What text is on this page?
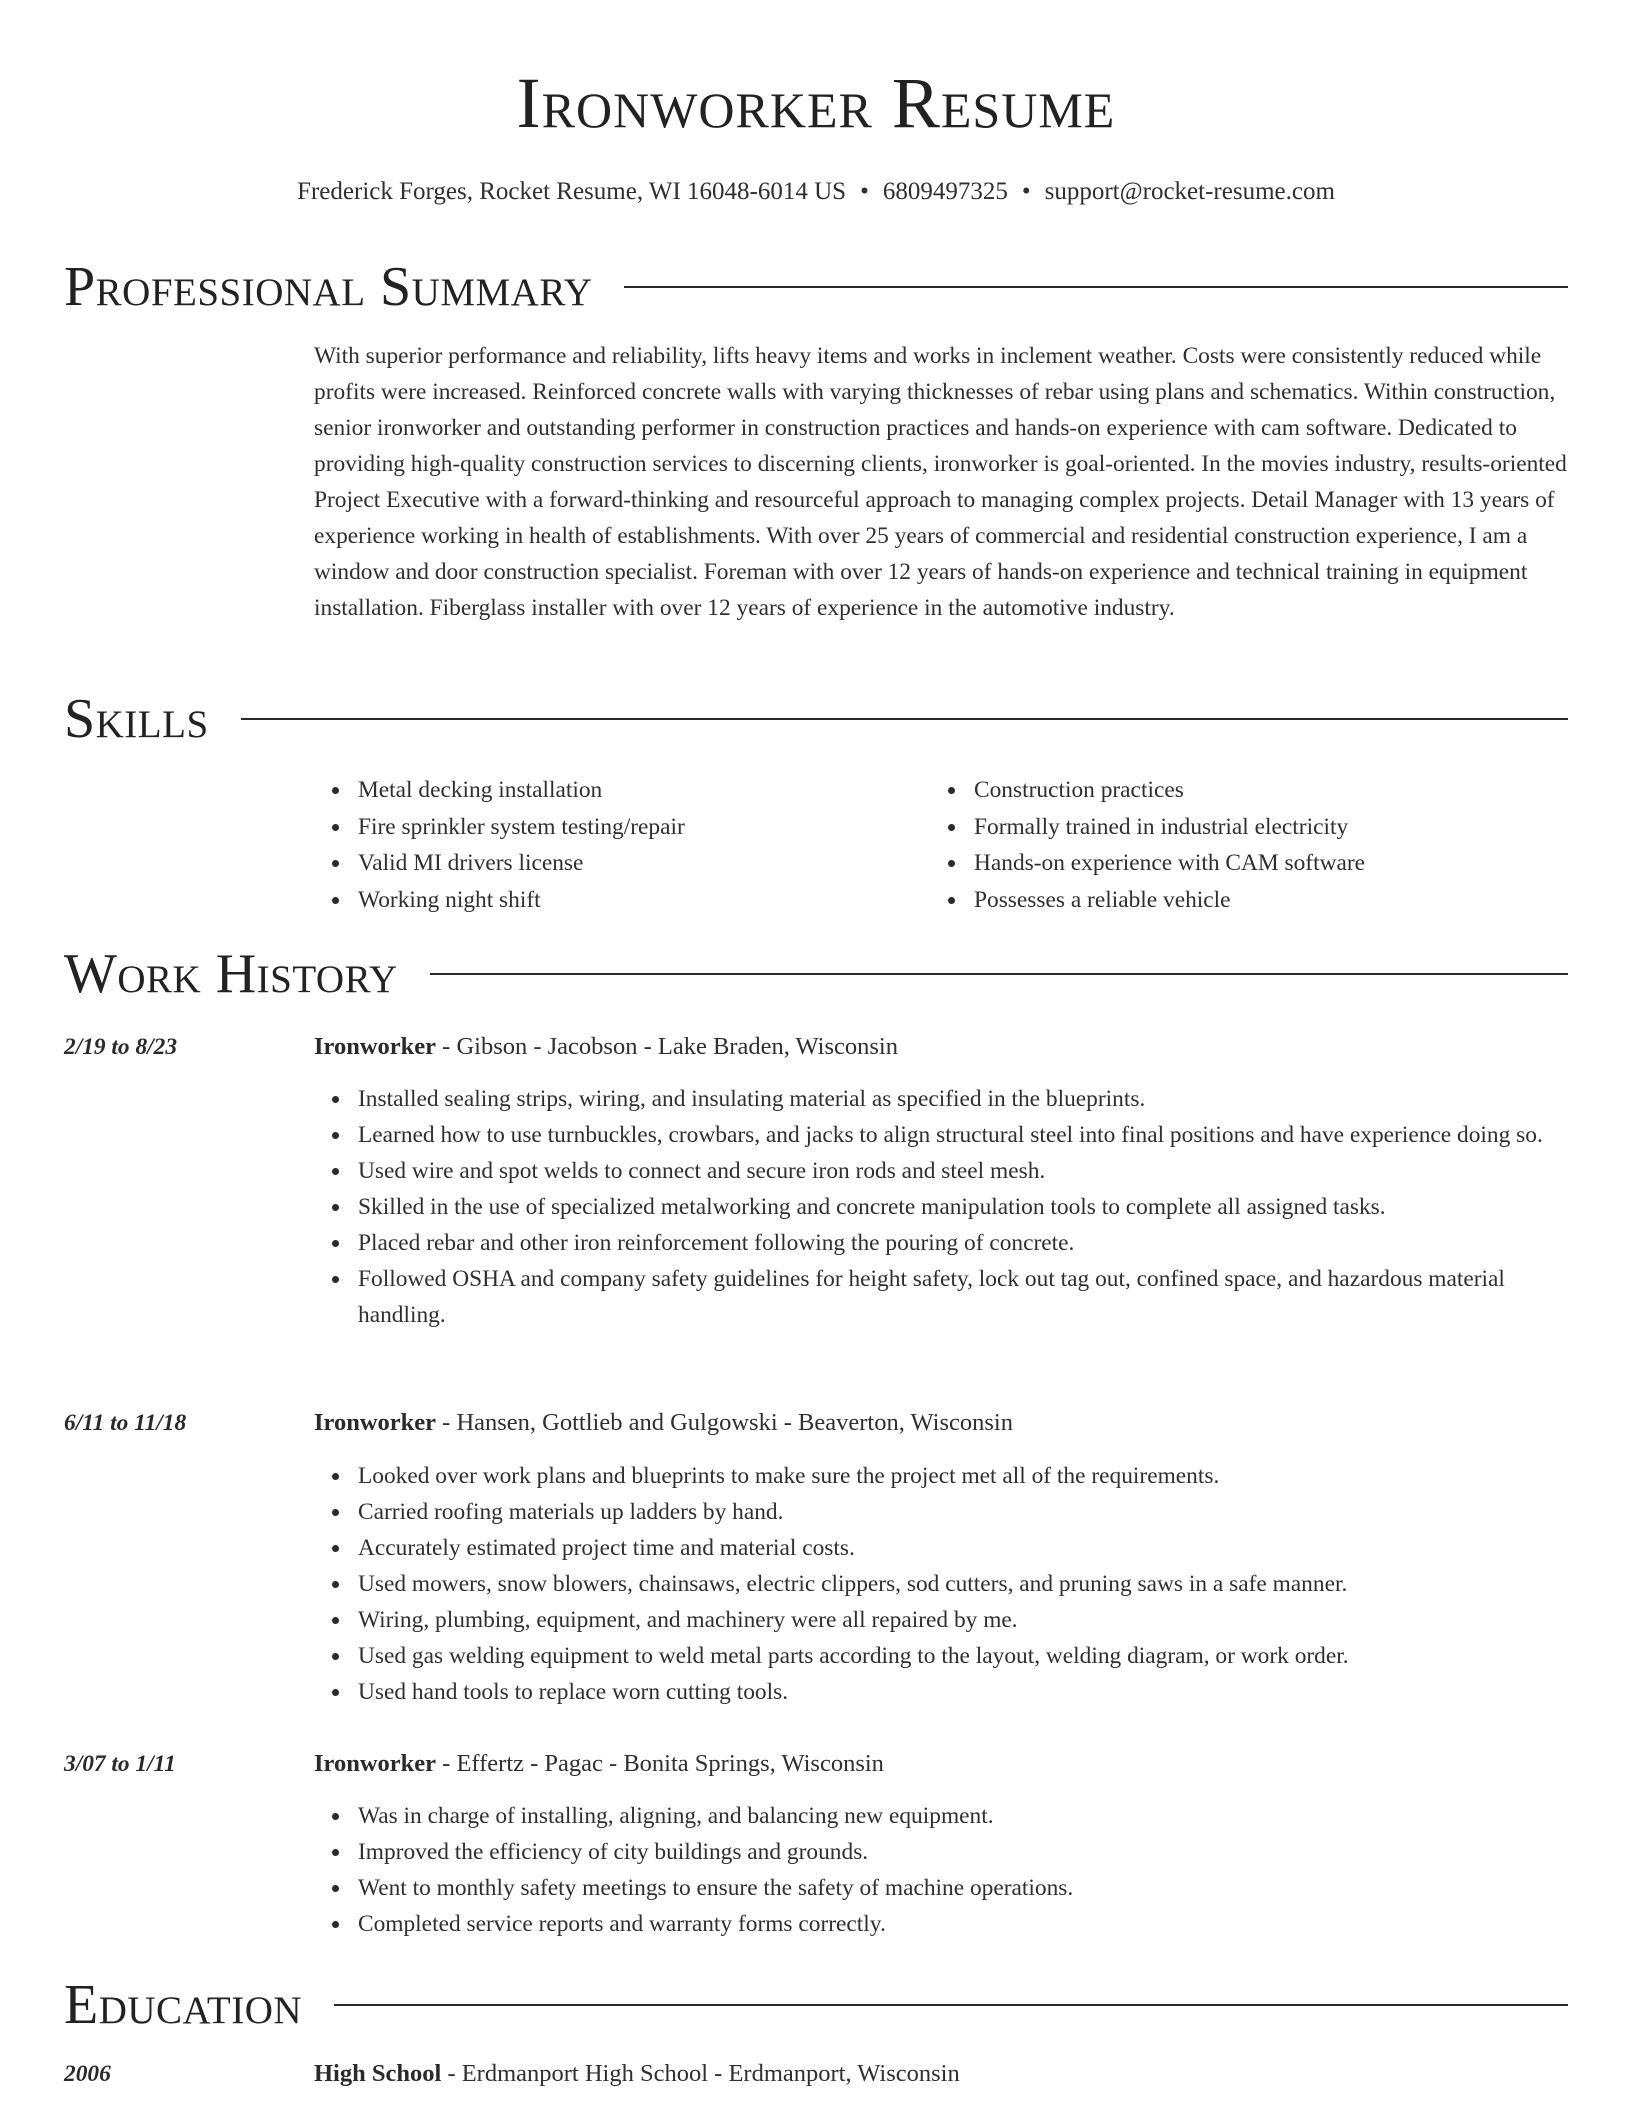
Ironworker Resume
Frederick Forges, Rocket Resume, WI 16048-6014 US • 6809497325 • support@rocket-resume.com
Professional Summary

With superior performance and reliability, lifts heavy items and works in inclement weather. Costs were consistently reduced while profits were increased. Reinforced concrete walls with varying thicknesses of rebar using plans and schematics. Within construction, senior ironworker and outstanding performer in construction practices and hands-on experience with cam software. Dedicated to providing high-quality construction services to discerning clients, ironworker is goal-oriented. In the movies industry, results-oriented Project Executive with a forward-thinking and resourceful approach to managing complex projects. Detail Manager with 13 years of experience working in health of establishments. With over 25 years of commercial and residential construction experience, I am a window and door construction specialist. Foreman with over 12 years of hands-on experience and technical training in equipment installation. Fiberglass installer with over 12 years of experience in the automotive industry.

Skills
Metal decking installation
Fire sprinkler system testing/repair
Valid MI drivers license
Working night shift
Construction practices
Formally trained in industrial electricity
Hands-on experience with CAM software
Possesses a reliable vehicle
Work History
2/19 to 8/23	Ironworker - Gibson - Jacobson - Lake Braden, Wisconsin
Installed sealing strips, wiring, and insulating material as specified in the blueprints.
Learned how to use turnbuckles, crowbars, and jacks to align structural steel into final positions and have experience doing so.
Used wire and spot welds to connect and secure iron rods and steel mesh.
Skilled in the use of specialized metalworking and concrete manipulation tools to complete all assigned tasks.
Placed rebar and other iron reinforcement following the pouring of concrete.
Followed OSHA and company safety guidelines for height safety, lock out tag out, confined space, and hazardous material handling.
6/11 to 11/18	Ironworker - Hansen, Gottlieb and Gulgowski - Beaverton, Wisconsin
Looked over work plans and blueprints to make sure the project met all of the requirements.
Carried roofing materials up ladders by hand.
Accurately estimated project time and material costs.
Used mowers, snow blowers, chainsaws, electric clippers, sod cutters, and pruning saws in a safe manner.
Wiring, plumbing, equipment, and machinery were all repaired by me.
Used gas welding equipment to weld metal parts according to the layout, welding diagram, or work order.
Used hand tools to replace worn cutting tools.
3/07 to 1/11	Ironworker - Effertz - Pagac - Bonita Springs, Wisconsin
Was in charge of installing, aligning, and balancing new equipment.
Improved the efficiency of city buildings and grounds.
Went to monthly safety meetings to ensure the safety of machine operations.
Completed service reports and warranty forms correctly.
Education
2006	High School - Erdmanport High School - Erdmanport, Wisconsin
